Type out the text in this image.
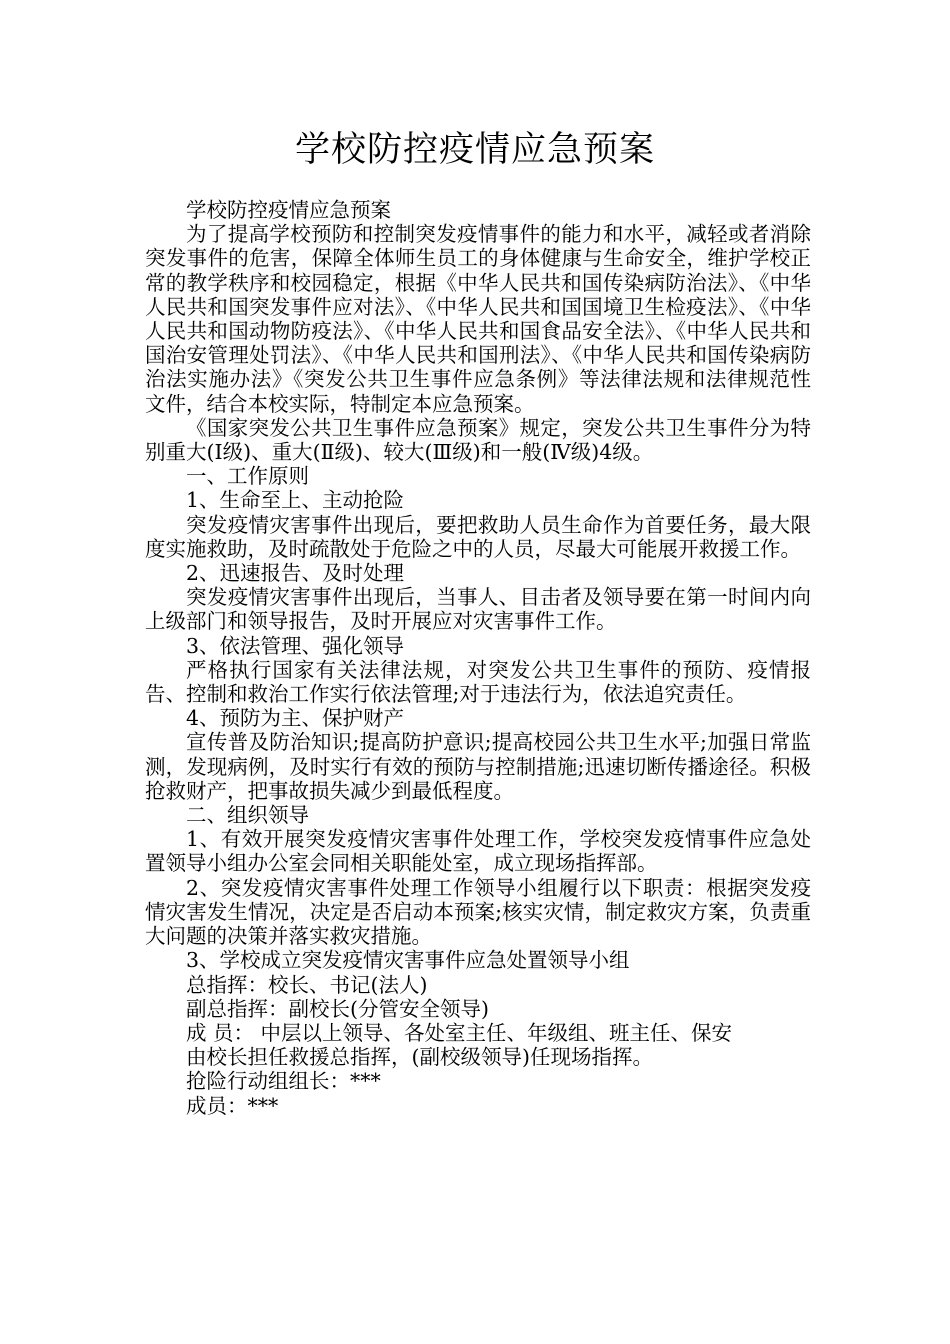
学校防控疫情应急预案

学校防控疫情应急预案

为了提高学校预防和控制突发疫情事件的能力和水平，减轻或者消除突发事件的危害，保障全体师生员工的身体健康与生命安全，维护学校正常的教学秩序和校园稳定，根据《中华人民共和国传染病防治法》、《中华人民共和国突发事件应对法》、《中华人民共和国国境卫生检疫法》、《中华人民共和国动物防疫法》、《中华人民共和国食品安全法》、《中华人民共和国治安管理处罚法》、《中华人民共和国刑法》、《中华人民共和国传染病防治法实施办法》《突发公共卫生事件应急条例》等法律法规和法律规范性文件，结合本校实际，特制定本应急预案。

《国家突发公共卫生事件应急预案》规定，突发公共卫生事件分为特别重大(Ⅰ级)、重大(Ⅱ级)、较大(Ⅲ级)和一般(Ⅳ级)4级。

一、工作原则

1、生命至上、主动抢险

突发疫情灾害事件出现后，要把救助人员生命作为首要任务，最大限度实施救助，及时疏散处于危险之中的人员，尽最大可能展开救援工作。

2、迅速报告、及时处理

突发疫情灾害事件出现后，当事人、目击者及领导要在第一时间内向上级部门和领导报告，及时开展应对灾害事件工作。

3、依法管理、强化领导

严格执行国家有关法律法规，对突发公共卫生事件的预防、疫情报告、控制和救治工作实行依法管理;对于违法行为，依法追究责任。

4、预防为主、保护财产

宣传普及防治知识;提高防护意识;提高校园公共卫生水平;加强日常监测，发现病例，及时实行有效的预防与控制措施;迅速切断传播途径。积极抢救财产，把事故损失减少到最低程度。

二、组织领导

1、有效开展突发疫情灾害事件处理工作，学校突发疫情事件应急处置领导小组办公室会同相关职能处室，成立现场指挥部。

2、突发疫情灾害事件处理工作领导小组履行以下职责：根据突发疫情灾害发生情况，决定是否启动本预案;核实灾情，制定救灾方案，负责重大问题的决策并落实救灾措施。

3、学校成立突发疫情灾害事件应急处置领导小组

总指挥：校长、书记(法人)

副总指挥：副校长(分管安全领导)

成 员： 中层以上领导、各处室主任、年级组、班主任、保安

由校长担任救援总指挥，(副校级领导)任现场指挥。

抢险行动组组长：***

成员：***
